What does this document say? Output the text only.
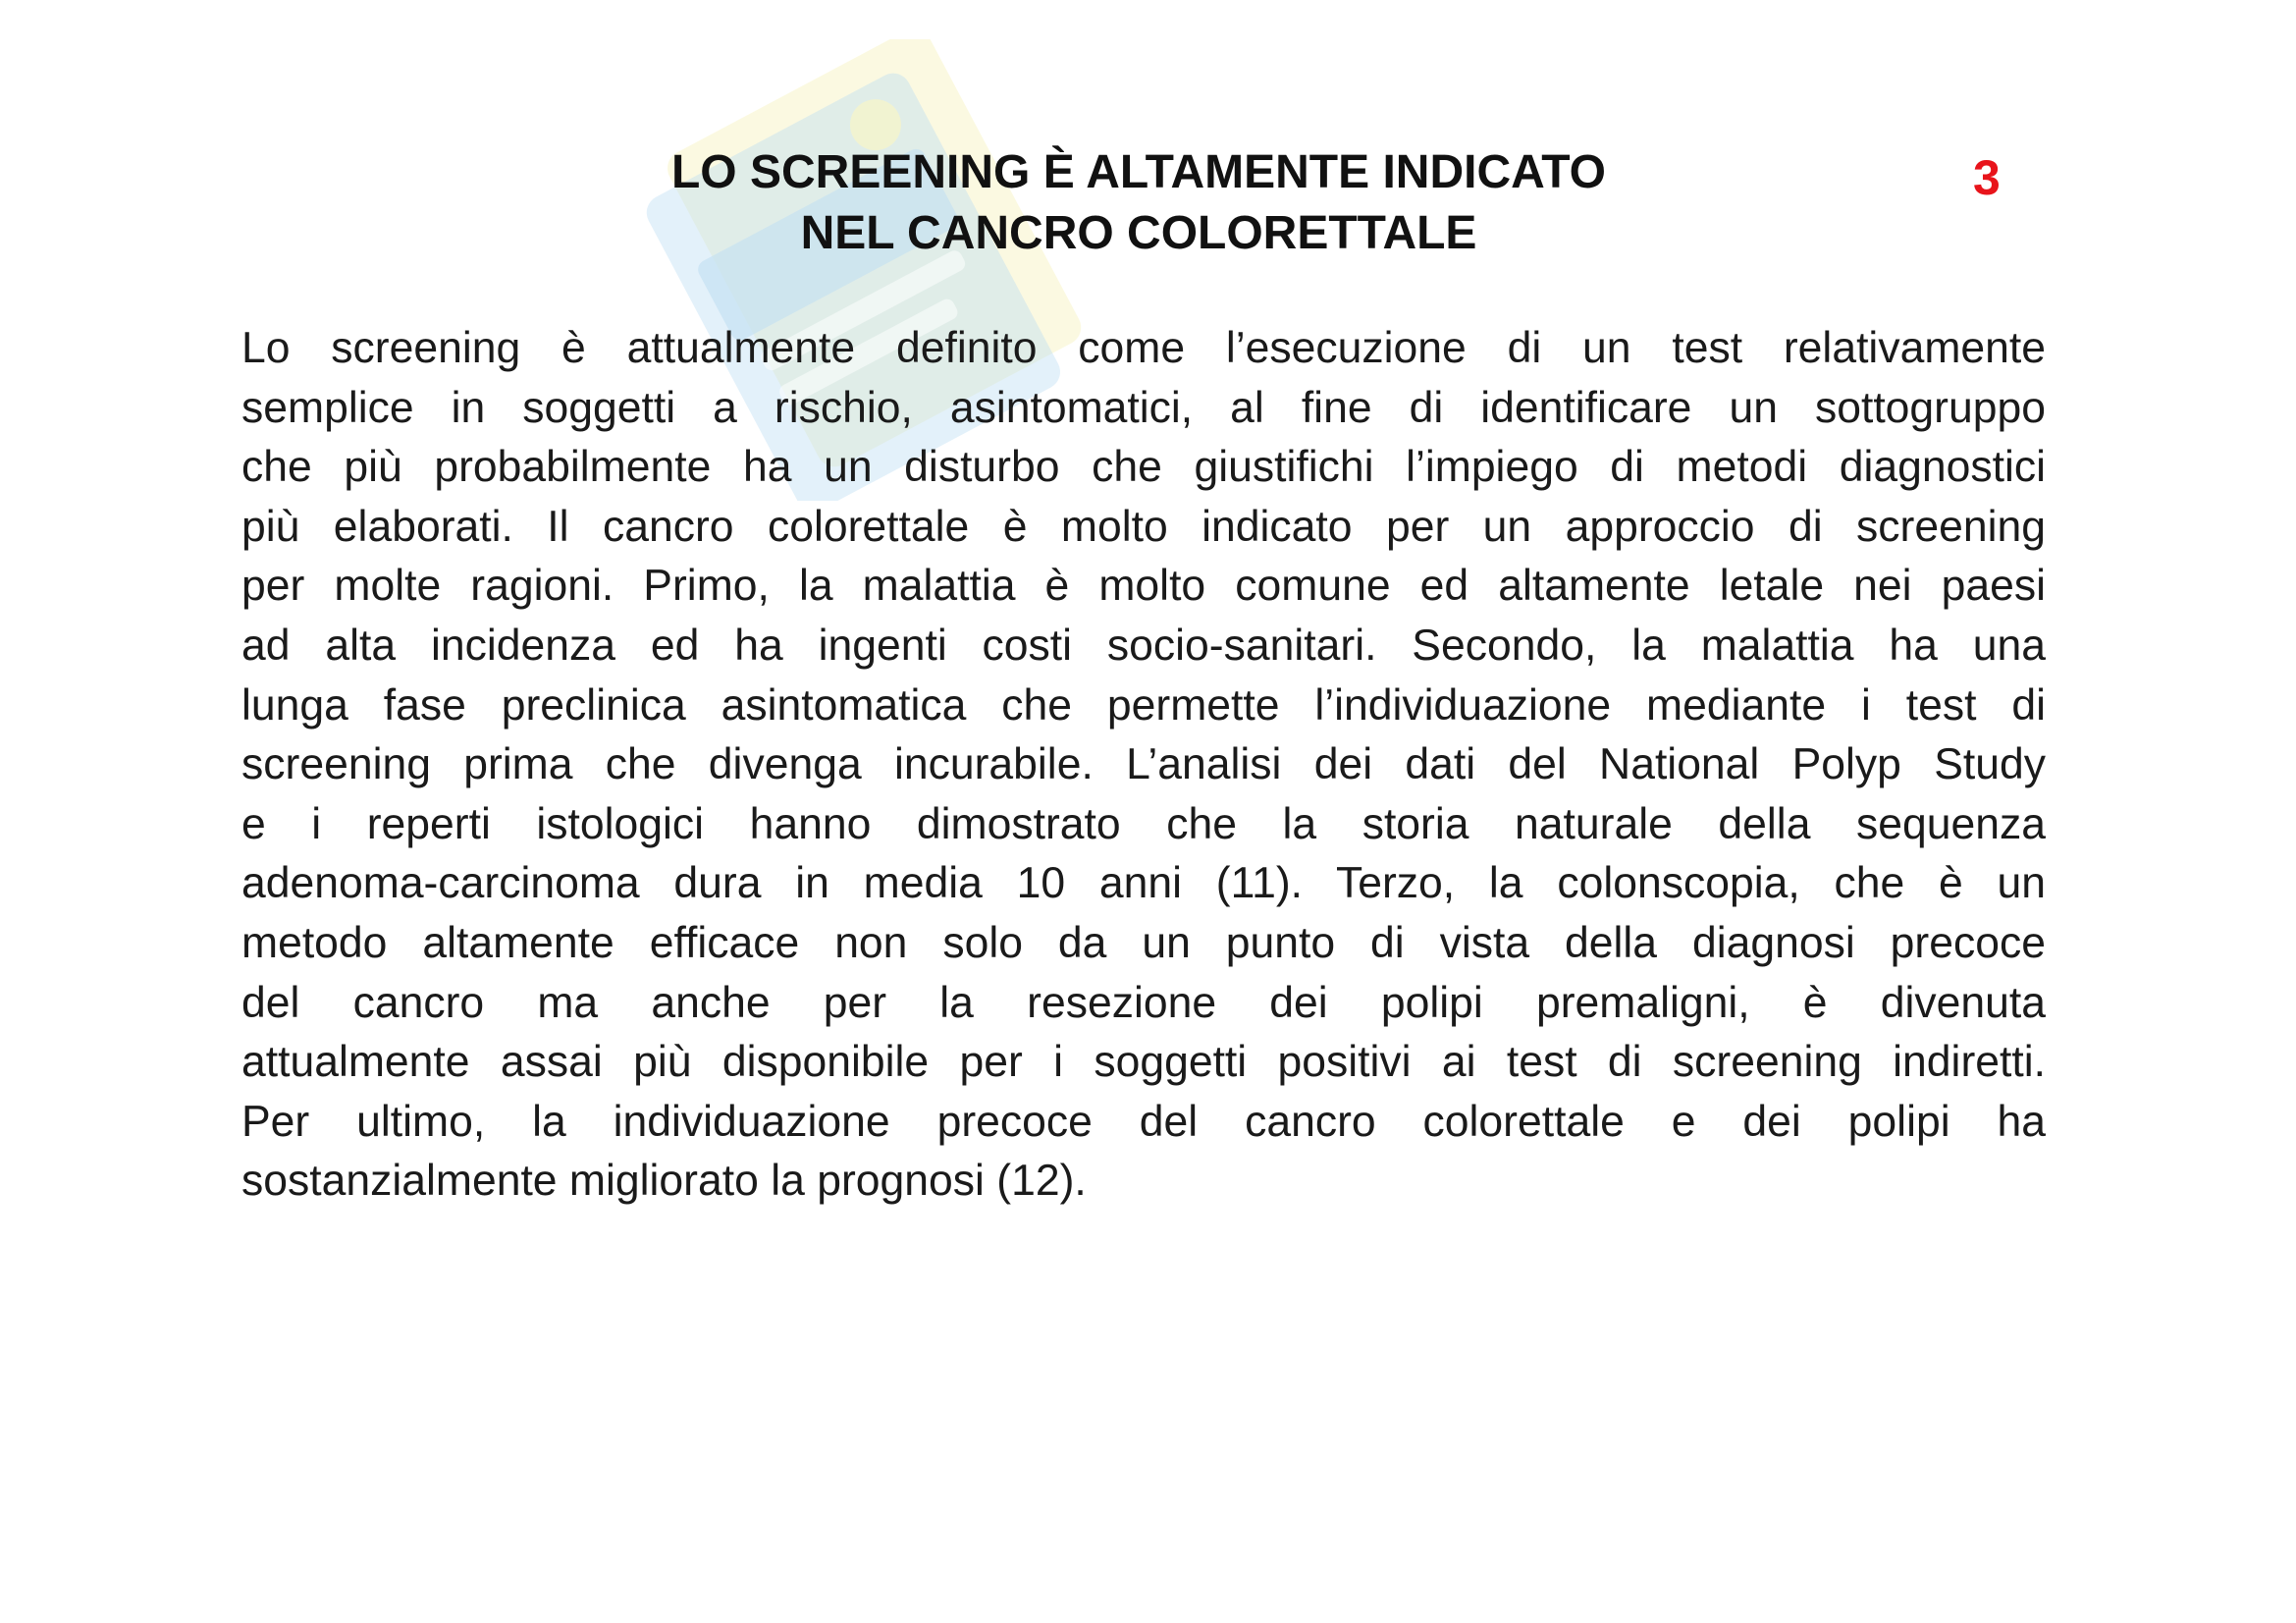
LO SCREENING È ALTAMENTE INDICATO
NEL CANCRO COLORETTALE
3
Lo screening è attualmente definito come l’esecuzione di un test relativamente
semplice in soggetti a rischio, asintomatici, al fine di identificare un sottogruppo
che più probabilmente ha un disturbo che giustifichi l’impiego di metodi diagnostici
più elaborati. Il cancro colorettale è molto indicato per un approccio di screening
per molte ragioni. Primo, la malattia è molto comune ed altamente letale nei paesi
ad alta incidenza ed ha ingenti costi socio-sanitari. Secondo, la malattia ha una
lunga fase preclinica asintomatica che permette l’individuazione mediante i test di
screening prima che divenga incurabile. L’analisi dei dati del National Polyp Study
e i reperti istologici hanno dimostrato che la storia naturale della sequenza
adenoma-carcinoma dura in media 10 anni (11). Terzo, la colonscopia, che è un
metodo altamente efficace non solo da un punto di vista della diagnosi precoce
del cancro ma anche per la resezione dei polipi premaligni, è divenuta
attualmente assai più disponibile per i soggetti positivi ai test di screening indiretti.
Per ultimo, la individuazione precoce del cancro colorettale e dei polipi ha
sostanzialmente migliorato la prognosi (12).
